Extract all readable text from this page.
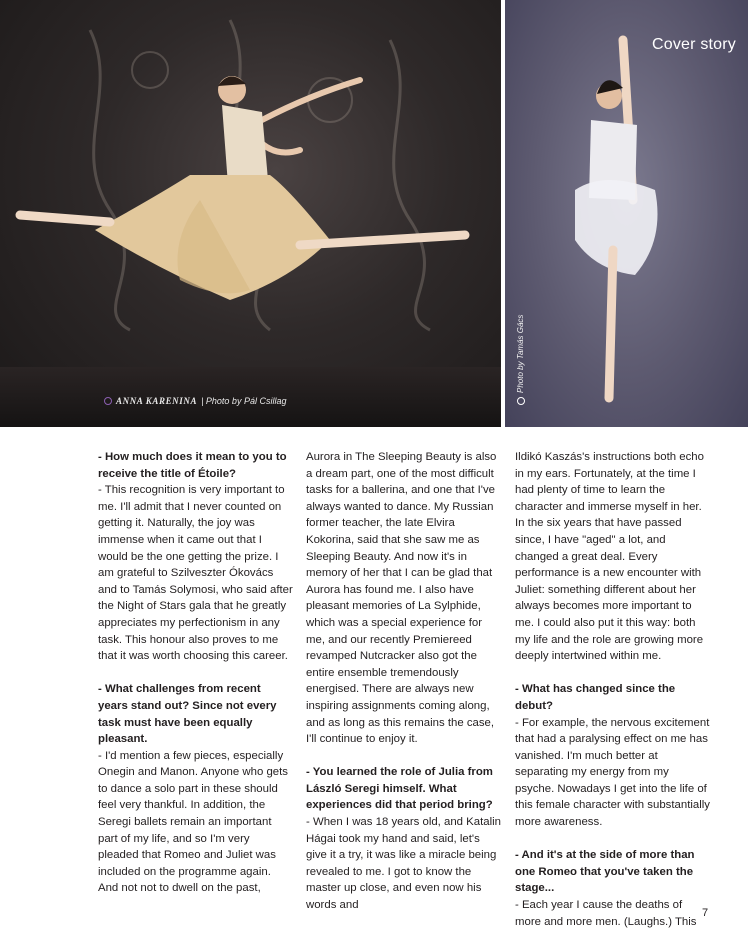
Cover story
ANNA KARENINA | Photo by Pál Csillag
Photo by Tamás Gács

- How much does it mean to you to receive the title of Étoile?

- This recognition is very important to me. I'll admit that I never counted on getting it. Naturally, the joy was immense when it came out that I would be the one getting the prize. I am grateful to Szilveszter Ókovács and to Tamás Solymosi, who said after the Night of Stars gala that he greatly appreciates my perfectionism in any task. This honour also proves to me that it was worth choosing this career.

- What challenges from recent years stand out? Since not every task must have been equally pleasant.

- I'd mention a few pieces, especially Onegin and Manon. Anyone who gets to dance a solo part in these should feel very thankful. In addition, the Seregi ballets remain an important part of my life, and so I'm very pleaded that Romeo and Juliet was included on the programme again. And not not to dwell on the past,

Aurora in The Sleeping Beauty is also a dream part, one of the most difficult tasks for a ballerina, and one that I've always wanted to dance. My Russian former teacher, the late Elvira Kokorina, said that she saw me as Sleeping Beauty. And now it's in memory of her that I can be glad that Aurora has found me. I also have pleasant memories of La Sylphide, which was a special experience for me, and our recently Premiereed revamped Nutcracker also got the entire ensemble tremendously energised. There are always new inspiring assignments coming along, and as long as this remains the case, I'll continue to enjoy it.

- You learned the role of Julia from László Seregi himself. What experiences did that period bring?

- When I was 18 years old, and Katalin Hágai took my hand and said, let's give it a try, it was like a miracle being revealed to me. I got to know the master up close, and even now his words and

Ildikó Kaszás's instructions both echo in my ears. Fortunately, at the time I had plenty of time to learn the character and immerse myself in her. In the six years that have passed since, I have "aged" a lot, and changed a great deal. Every performance is a new encounter with Juliet: something different about her always becomes more important to me. I could also put it this way: both my life and the role are growing more deeply intertwined within me.

- What has changed since the debut?

- For example, the nervous excitement that had a paralysing effect on me has vanished. I'm much better at separating my energy from my psyche. Nowadays I get into the life of this female character with substantially more awareness.

- And it's at the side of more than one Romeo that you've taken the stage...

- Each year I cause the deaths of more and more men. (Laughs.) This

7
